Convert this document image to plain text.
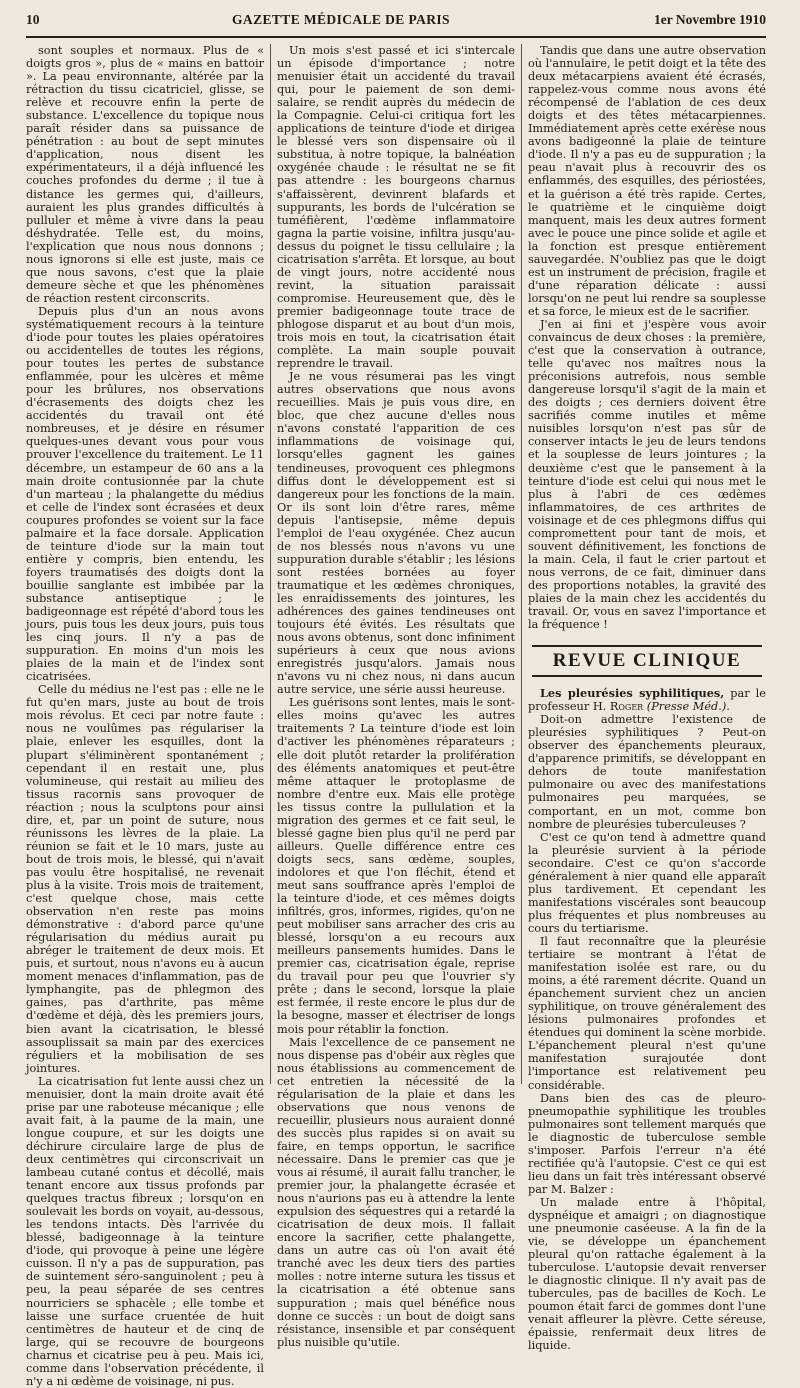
10	GAZETTE MÉDICALE DE PARIS	1er Novembre 1910

sont souples et normaux. Plus de « doigts gros », plus de « mains en battoir ». La peau environnante, altérée par la rétraction du tissu cicatriciel, glisse, se relève et recouvre enfin la perte de substance. L'excellence du topique nous paraît résider dans sa puissance de pénétration : au bout de sept minutes d'application, nous disent les expérimentateurs, il a déjà influencé les couches profondes du derme ; il tue à distance les germes qui, d'ailleurs, auraient les plus grandes difficultés à pulluler et même à vivre dans la peau déshydratée. Telle est, du moins, l'explication que nous nous donnons ; nous ignorons si elle est juste, mais ce que nous savons, c'est que la plaie demeure sèche et que les phénomènes de réaction restent circonscrits.

Depuis plus d'un an nous avons systématiquement recours à la teinture d'iode pour toutes les plaies opératoires ou accidentelles de toutes les régions, pour toutes les pertes de substance enflammée, pour les ulcères et même pour les brûlures, nos observations d'écrasements des doigts chez les accidentés du travail ont été nombreuses, et je désire en résumer quelques-unes devant vous pour vous prouver l'excellence du traitement. Le 11 décembre, un estampeur de 60 ans a la main droite contusionnée par la chute d'un marteau ; la phalangette du médius et celle de l'index sont écrasées et deux coupures profondes se voient sur la face palmaire et la face dorsale. Application de teinture d'iode sur la main tout entière y compris, bien entendu, les foyers traumatisés des doigts dont la bouillie sanglante est imbibée par la substance antiseptique ; le badigeonnage est répété d'abord tous les jours, puis tous les deux jours, puis tous les cinq jours. Il n'y a pas de suppuration. En moins d'un mois les plaies de la main et de l'index sont cicatrisées.

Celle du médius ne l'est pas : elle ne le fut qu'en mars, juste au bout de trois mois révolus. Et ceci par notre faute : nous ne voulûmes pas régulariser la plaie, enlever les esquilles, dont la plupart s'éliminèrent spontanément ; cependant il en restait une, plus volumineuse, qui restait au milieu des tissus racornis sans provoquer de réaction ; nous la sculptons pour ainsi dire, et, par un point de suture, nous réunissons les lèvres de la plaie. La réunion se fait et le 10 mars, juste au bout de trois mois, le blessé, qui n'avait pas voulu être hospitalisé, ne revenait plus à la visite. Trois mois de traitement, c'est quelque chose, mais cette observation n'en reste pas moins démonstrative : d'abord parce qu'une régularisation du médius aurait pu abréger le traitement de deux mois. Et puis, et surtout, nous n'avons eu à aucun moment menaces d'inflammation, pas de lymphangite, pas de phlegmon des gaines, pas d'arthrite, pas même d'œdème et déjà, dès les premiers jours, bien avant la cicatrisation, le blessé assouplissait sa main par des exercices réguliers et la mobilisation de ses jointures.

La cicatrisation fut lente aussi chez un menuisier, dont la main droite avait été prise par une raboteuse mécanique ; elle avait fait, à la paume de la main, une longue coupure, et sur les doigts une déchirure circulaire large de plus de deux centimètres qui circonscrivait un lambeau cutané contus et décollé, mais tenant encore aux tissus profonds par quelques tractus fibreux ; lorsqu'on en soulevait les bords on voyait, au-dessous, les tendons intacts. Dès l'arrivée du blessé, badigeonnage à la teinture d'iode, qui provoque à peine une légère cuisson. Il n'y a pas de suppuration, pas de suintement séro-sanguinolent ; peu à peu, la peau séparée de ses centres nourriciers se sphacèle ; elle tombe et laisse une surface cruentée de huit centimètres de hauteur et de cinq de large, qui se recouvre de bourgeons charnus et cicatrise peu à peu. Mais ici, comme dans l'observation précédente, il n'y a ni œdème de voisinage, ni pus.

Un mois s'est passé et ici s'intercale un épisode d'importance ; notre menuisier était un accidenté du travail qui, pour le paiement de son demi-salaire, se rendit auprès du médecin de la Compagnie. Celui-ci critiqua fort les applications de teinture d'iode et dirigea le blessé vers son dispensaire où il substitua, à notre topique, la balnéation oxygénée chaude : le résultat ne se fit pas attendre : les bourgeons charnus s'affaissèrent, devinrent blafards et suppurants, les bords de l'ulcération se tuméfièrent, l'œdème inflammatoire gagna la partie voisine, infiltra jusqu'au-dessus du poignet le tissu cellulaire ; la cicatrisation s'arrêta. Et lorsque, au bout de vingt jours, notre accidenté nous revint, la situation paraissait compromise. Heureusement que, dès le premier badigeonnage toute trace de phlogose disparut et au bout d'un mois, trois mois en tout, la cicatrisation était complète. La main souple pouvait reprendre le travail.

Je ne vous résumerai pas les vingt autres observations que nous avons recueillies. Mais je puis vous dire, en bloc, que chez aucune d'elles nous n'avons constaté l'apparition de ces inflammations de voisinage qui, lorsqu'elles gagnent les gaines tendineuses, provoquent ces phlegmons diffus dont le développement est si dangereux pour les fonctions de la main. Or ils sont loin d'être rares, même depuis l'antisepsie, même depuis l'emploi de l'eau oxygénée. Chez aucun de nos blessés nous n'avons vu une suppuration durable s'établir ; les lésions sont restées bornées au foyer traumatique et les œdèmes chroniques, les enraidissements des jointures, les adhérences des gaines tendineuses ont toujours été évités. Les résultats que nous avons obtenus, sont donc infiniment supérieurs à ceux que nous avions enregistrés jusqu'alors. Jamais nous n'avons vu ni chez nous, ni dans aucun autre service, une série aussi heureuse.

Les guérisons sont lentes, mais le sont-elles moins qu'avec les autres traitements ? La teinture d'iode est loin d'activer les phénomènes réparateurs ; elle doit plutôt retarder la prolifération des éléments anatomiques et peut-être même attaquer le protoplasme de nombre d'entre eux. Mais elle protège les tissus contre la pullulation et la migration des germes et ce fait seul, le blessé gagne bien plus qu'il ne perd par ailleurs. Quelle différence entre ces doigts secs, sans œdème, souples, indolores et que l'on fléchit, étend et meut sans souffrance après l'emploi de la teinture d'iode, et ces mêmes doigts infiltrés, gros, informes, rigides, qu'on ne peut mobiliser sans arracher des cris au blessé, lorsqu'on a eu recours aux meilleurs pansements humides. Dans le premier cas, cicatrisation égale, reprise du travail pour peu que l'ouvrier s'y prête ; dans le second, lorsque la plaie est fermée, il reste encore le plus dur de la besogne, masser et électriser de longs mois pour rétablir la fonction.

Mais l'excellence de ce pansement ne nous dispense pas d'obéir aux règles que nous établissions au commencement de cet entretien la nécessité de la régularisation de la plaie et dans les observations que nous venons de recueillir, plusieurs nous auraient donné des succès plus rapides si on avait su faire, en temps opportun, le sacrifice nécessaire. Dans le premier cas que je vous ai résumé, il aurait fallu trancher, le premier jour, la phalangette écrasée et nous n'aurions pas eu à attendre la lente expulsion des séquestres qui a retardé la cicatrisation de deux mois. Il fallait encore la sacrifier, cette phalangette, dans un autre cas où l'on avait été tranché avec les deux tiers des parties molles : notre interne sutura les tissus et la cicatrisation a été obtenue sans suppuration ; mais quel bénéfice nous donne ce succès : un bout de doigt sans résistance, insensible et par conséquent plus nuisible qu'utile.

Tandis que dans une autre observation où l'annulaire, le petit doigt et la tête des deux métacarpiens avaient été écrasés, rappelez-vous comme nous avons été récompensé de l'ablation de ces deux doigts et des têtes métacarpiennes. Immédiatement après cette exérèse nous avons badigeonné la plaie de teinture d'iode. Il n'y a pas eu de suppuration ; la peau n'avait plus à recouvrir des os enflammés, des esquilles, des périostées, et la guérison a été très rapide. Certes, le quatrième et le cinquième doigt manquent, mais les deux autres forment avec le pouce une pince solide et agile et la fonction est presque entièrement sauvegardée. N'oubliez pas que le doigt est un instrument de précision, fragile et d'une réparation délicate : aussi lorsqu'on ne peut lui rendre sa souplesse et sa force, le mieux est de le sacrifier.

J'en ai fini et j'espère vous avoir convaincus de deux choses : la première, c'est que la conservation à outrance, telle qu'avec nos maîtres nous la préconisions autrefois, nous semble dangereuse lorsqu'il s'agit de la main et des doigts ; ces derniers doivent être sacrifiés comme inutiles et même nuisibles lorsqu'on n'est pas sûr de conserver intacts le jeu de leurs tendons et la souplesse de leurs jointures ; la deuxième c'est que le pansement à la teinture d'iode est celui qui nous met le plus à l'abri de ces œdèmes inflammatoires, de ces arthrites de voisinage et de ces phlegmons diffus qui compromettent pour tant de mois, et souvent définitivement, les fonctions de la main. Cela, il faut le crier partout et nous verrons, de ce fait, diminuer dans des proportions notables, la gravité des plaies de la main chez les accidentés du travail. Or, vous en savez l'importance et la fréquence !

REVUE CLINIQUE

Les pleurésies syphilitiques, par le professeur H. Roger (Presse Méd.).

Doit-on admettre l'existence de pleurésies syphilitiques ? Peut-on observer des épanchements pleuraux, d'apparence primitifs, se développant en dehors de toute manifestation pulmonaire ou avec des manifestations pulmonaires peu marquées, se comportant, en un mot, comme bon nombre de pleurésies tuberculeuses ?

C'est ce qu'on tend à admettre quand la pleurésie survient à la période secondaire. C'est ce qu'on s'accorde généralement à nier quand elle apparaît plus tardivement. Et cependant les manifestations viscérales sont beaucoup plus fréquentes et plus nombreuses au cours du tertiarisme.

Il faut reconnaître que la pleurésie tertiaire se montrant à l'état de manifestation isolée est rare, ou du moins, a été rarement décrite. Quand un épanchement survient chez un ancien syphilitique, on trouve généralement des lésions pulmonaires profondes et étendues qui dominent la scène morbide. L'épanchement pleural n'est qu'une manifestation surajoutée dont l'importance est relativement peu considérable.

Dans bien des cas de pleuro-pneumopathie syphilitique les troubles pulmonaires sont tellement marqués que le diagnostic de tuberculose semble s'imposer. Parfois l'erreur n'a été rectifiée qu'à l'autopsie. C'est ce qui est lieu dans un fait très intéressant observé par M. Balzer :

Un malade entre à l'hôpital, dyspnéique et amaigri ; on diagnostique une pneumonie caséeuse. A la fin de la vie, se développe un épanchement pleural qu'on rattache également à la tuberculose. L'autopsie devait renverser le diagnostic clinique. Il n'y avait pas de tubercules, pas de bacilles de Koch. Le poumon était farci de gommes dont l'une venait affleurer la plèvre. Cette séreuse, épaissie, renfermait deux litres de liquide.
